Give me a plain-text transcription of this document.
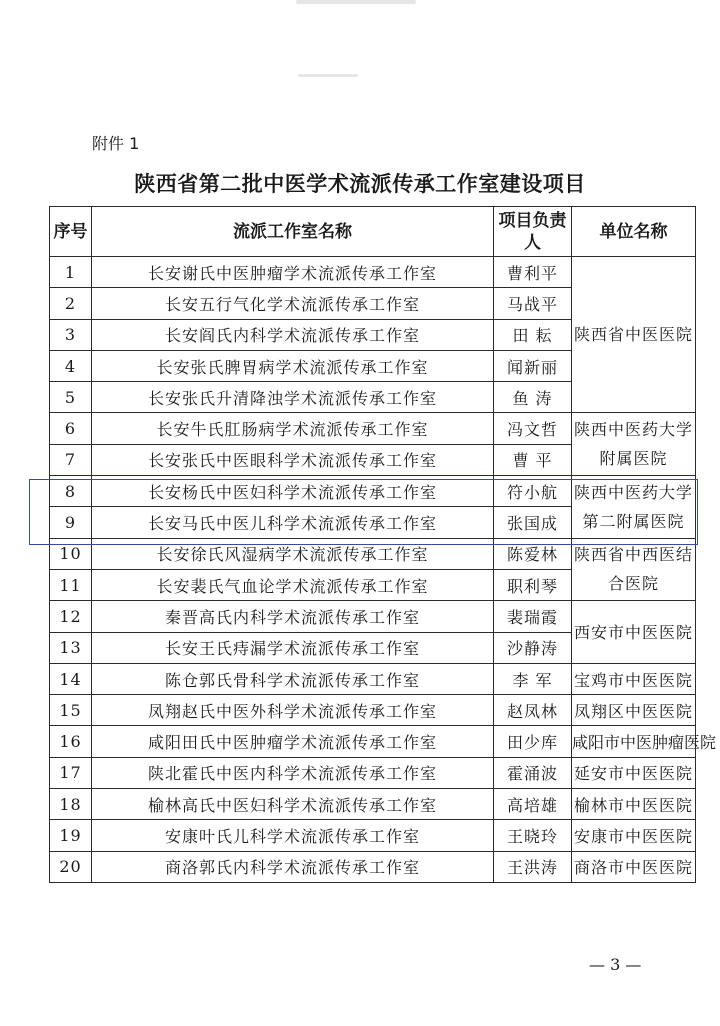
附件 1
陕西省第二批中医学术流派传承工作室建设项目
序号	流派工作室名称	项目负责人	单位名称
1	长安谢氏中医肿瘤学术流派传承工作室	曹利平	陕西省中医医院
2	长安五行气化学术流派传承工作室	马战平	
3	长安阎氏内科学术流派传承工作室	田 耘	
4	长安张氏脾胃病学术流派传承工作室	闻新丽	
5	长安张氏升清降浊学术流派传承工作室	鱼 涛	
6	长安牛氏肛肠病学术流派传承工作室	冯文哲	陕西中医药大学附属医院
7	长安张氏中医眼科学术流派传承工作室	曹 平	
8	长安杨氏中医妇科学术流派传承工作室	符小航	陕西中医药大学第二附属医院
9	长安马氏中医儿科学术流派传承工作室	张国成	
10	长安徐氏风湿病学术流派传承工作室	陈爱林	陕西省中西医结合医院
11	长安裴氏气血论学术流派传承工作室	职利琴	
12	秦晋高氏内科学术流派传承工作室	裴瑞霞	西安市中医医院
13	长安王氏痔漏学术流派传承工作室	沙静涛	
14	陈仓郭氏骨科学术流派传承工作室	李 军	宝鸡市中医医院
15	凤翔赵氏中医外科学术流派传承工作室	赵凤林	凤翔区中医医院
16	咸阳田氏中医肿瘤学术流派传承工作室	田少库	咸阳市中医肿瘤医院
17	陕北霍氏中医内科学术流派传承工作室	霍涌波	延安市中医医院
18	榆林高氏中医妇科学术流派传承工作室	高培雄	榆林市中医医院
19	安康叶氏儿科学术流派传承工作室	王晓玲	安康市中医医院
20	商洛郭氏内科学术流派传承工作室	王洪涛	商洛市中医医院
— 3 —
